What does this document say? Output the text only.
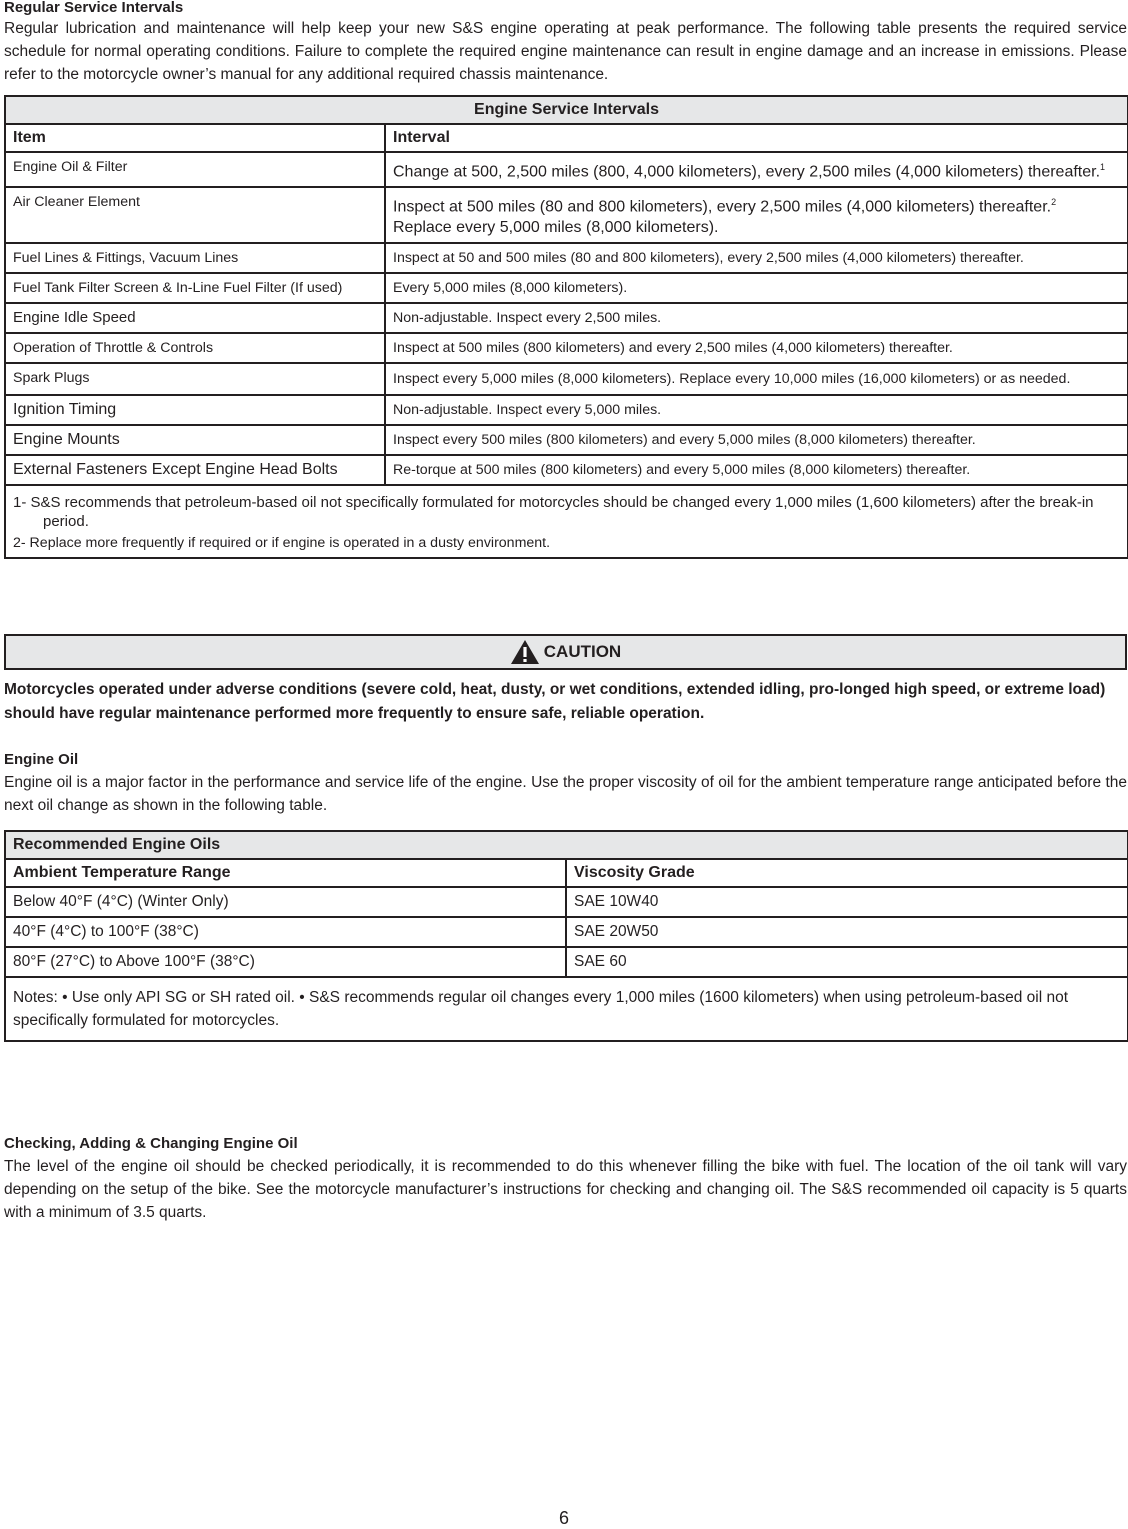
Regular Service Intervals

Regular lubrication and maintenance will help keep your new S&S engine operating at peak performance. The following table presents the required service schedule for normal operating conditions. Failure to complete the required engine maintenance can result in engine damage and an increase in emissions. Please refer to the motorcycle owner’s manual for any additional required chassis maintenance.

Engine Service Intervals	
Item	Interval
Engine Oil & Filter	Change at 500, 2,500 miles (800, 4,000 kilometers), every 2,500 miles (4,000 kilometers) thereafter.$^1$
Air Cleaner Element	Inspect at 500 miles (80 and 800 kilometers), every 2,500 miles (4,000 kilometers) thereafter.$^2$
Replace every 5,000 miles (8,000 kilometers).
Fuel Lines & Fittings, Vacuum Lines	Inspect at 50 and 500 miles (80 and 800 kilometers), every 2,500 miles (4,000 kilometers) thereafter.
Fuel Tank Filter Screen & In-Line Fuel Filter (If used)	Every 5,000 miles (8,000 kilometers).
Engine Idle Speed	Non-adjustable. Inspect every 2,500 miles.
Operation of Throttle & Controls	Inspect at 500 miles (800 kilometers) and every 2,500 miles (4,000 kilometers) thereafter.
Spark Plugs	Inspect every 5,000 miles (8,000 kilometers). Replace every 10,000 miles (16,000 kilometers) or as needed.
Ignition Timing	Non-adjustable. Inspect every 5,000 miles.
Engine Mounts	Inspect every 500 miles (800 kilometers) and every 5,000 miles (8,000 kilometers) thereafter.
External Fasteners Except Engine Head Bolts	Re-torque at 500 miles (800 kilometers) and every 5,000 miles (8,000 kilometers) thereafter.

1- S&S recommends that petroleum-based oil not specifically formulated for motorcycles should be changed every 1,000 miles (1,600 kilometers) after the break-in period.
2- Replace more frequently if required or if engine is operated in a dusty environment.	
CAUTION

Motorcycles operated under adverse conditions (severe cold, heat, dusty, or wet conditions, extended idling, pro-longed high speed, or extreme load) should have regular maintenance performed more frequently to ensure safe, reliable operation.

Engine Oil

Engine oil is a major factor in the performance and service life of the engine. Use the proper viscosity of oil for the ambient temperature range anticipated before the next oil change as shown in the following table.

Recommended Engine Oils	
Ambient Temperature Range	Viscosity Grade
Below 40°F (4°C) (Winter Only)	SAE 10W40
40°F (4°C) to 100°F (38°C)	SAE 20W50
80°F (27°C) to Above 100°F (38°C)	SAE 60
Notes: • Use only API SG or SH rated oil. • S&S recommends regular oil changes every 1,000 miles (1600 kilometers) when using petroleum-based oil not specifically formulated for motorcycles.	
Checking, Adding & Changing Engine Oil

The level of the engine oil should be checked periodically, it is recommended to do this whenever filling the bike with fuel. The location of the oil tank will vary depending on the setup of the bike. See the motorcycle manufacturer’s instructions for checking and changing oil. The S&S recommended oil capacity is 5 quarts with a minimum of 3.5 quarts.

6
